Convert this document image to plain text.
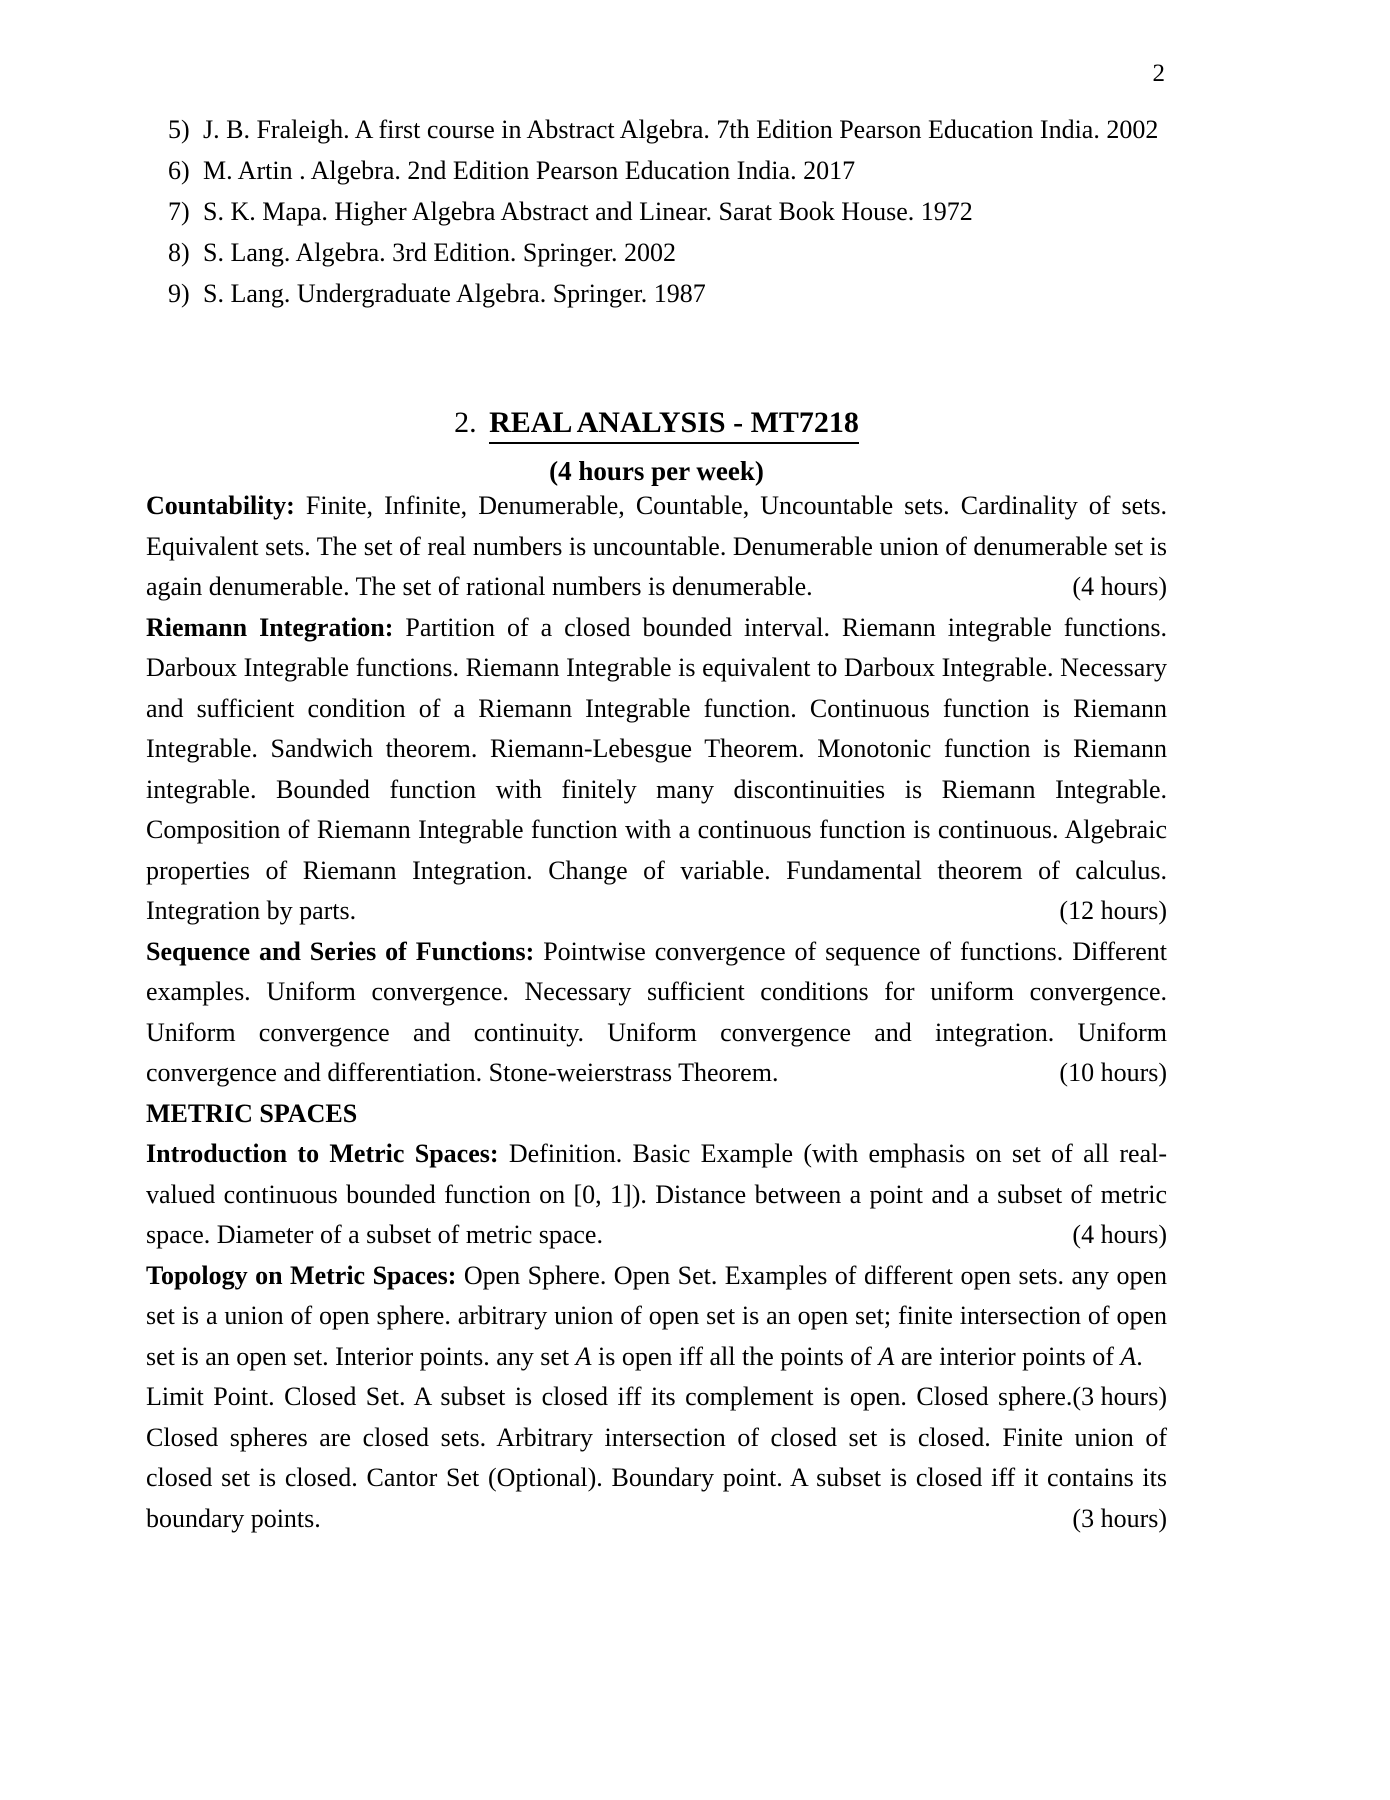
2
5) J. B. Fraleigh. A first course in Abstract Algebra. 7th Edition Pearson Education India. 2002
6) M. Artin . Algebra. 2nd Edition Pearson Education India. 2017
7) S. K. Mapa. Higher Algebra Abstract and Linear. Sarat Book House. 1972
8) S. Lang. Algebra. 3rd Edition. Springer. 2002
9) S. Lang. Undergraduate Algebra. Springer. 1987
2. REAL ANALYSIS - MT7218
(4 hours per week)

Countability: Finite, Infinite, Denumerable, Countable, Uncountable sets. Cardinality of sets. Equivalent sets. The set of real numbers is uncountable. Denumerable union of denumerable set is again denumerable. The set of rational numbers is denumerable.	(4 hours)

Riemann Integration: Partition of a closed bounded interval. Riemann integrable functions. Darboux Integrable functions. Riemann Integrable is equivalent to Darboux Integrable. Necessary and sufficient condition of a Riemann Integrable function. Continuous function is Riemann Integrable. Sandwich theorem. Riemann-Lebesgue Theorem. Monotonic function is Riemann integrable. Bounded function with finitely many discontinuities is Riemann Integrable. Composition of Riemann Integrable function with a continuous function is continuous. Algebraic properties of Riemann Integration. Change of variable. Fundamental theorem of calculus. Integration by parts.	(12 hours)

Sequence and Series of Functions: Pointwise convergence of sequence of functions. Different examples. Uniform convergence. Necessary sufficient conditions for uniform convergence. Uniform convergence and continuity. Uniform convergence and integration. Uniform convergence and differentiation. Stone-weierstrass Theorem.	(10 hours)

METRIC SPACES

Introduction to Metric Spaces: Definition. Basic Example (with emphasis on set of all real-valued continuous bounded function on [0, 1]). Distance between a point and a subset of metric space. Diameter of a subset of metric space.	(4 hours)

Topology on Metric Spaces: Open Sphere. Open Set. Examples of different open sets. any open set is a union of open sphere. arbitrary union of open set is an open set; finite intersection of open set is an open set. Interior points. any set A is open iff all the points of A are interior points of A.
(3 hours)

Limit Point. Closed Set. A subset is closed iff its complement is open. Closed sphere. Closed spheres are closed sets. Arbitrary intersection of closed set is closed. Finite union of closed set is closed. Cantor Set (Optional). Boundary point. A subset is closed iff it contains its boundary points.	(3 hours)
